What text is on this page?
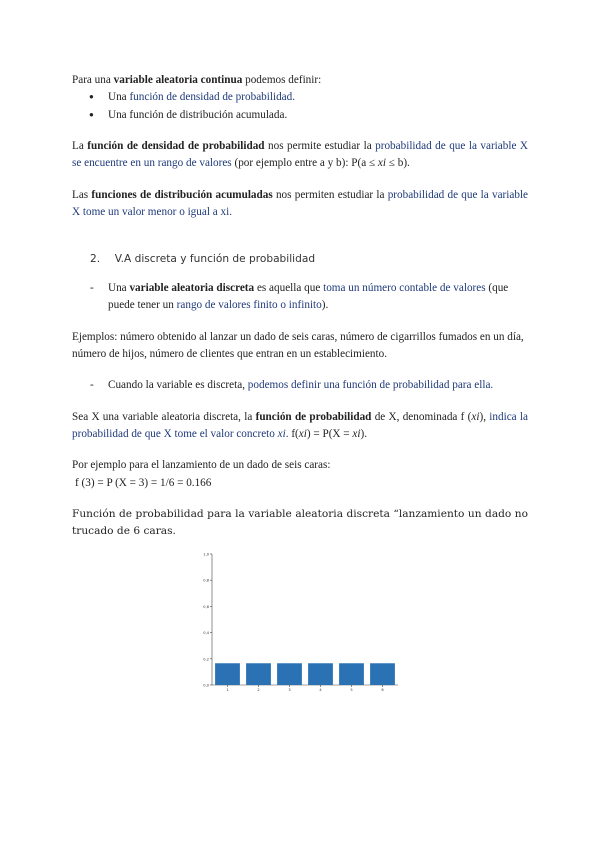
Para una variable aleatoria continua podemos definir:

● Una función de densidad de probabilidad.
● Una función de distribución acumulada.

La función de densidad de probabilidad nos permite estudiar la probabilidad de que la variable X se encuentre en un rango de valores (por ejemplo entre a y b): P(a ≤ xi ≤ b).

Las funciones de distribución acumuladas nos permiten estudiar la probabilidad de que la variable X tome un valor menor o igual a xi.

2. V.A discreta y función de probabilidad
- Una variable aleatoria discreta es aquella que toma un número contable de valores (que puede tener un rango de valores finito o infinito).

Ejemplos: número obtenido al lanzar un dado de seis caras, número de cigarrillos fumados en un día, número de hijos, número de clientes que entran en un establecimiento.

- Cuando la variable es discreta, podemos definir una función de probabilidad para ella.

Sea X una variable aleatoria discreta, la función de probabilidad de X, denominada f (xi), indica la probabilidad de que X tome el valor concreto xi. f(xi) = P(X = xi).

Por ejemplo para el lanzamiento de un dado de seis caras:

f (3) = P (X = 3) = 1/6 = 0.166

Función de probabilidad para la variable aleatoria discreta “lanzamiento un dado no trucado de 6 caras.

0,0
0,2
0,4
0,6
0,8
1,0
1	2	3	4	5	6
